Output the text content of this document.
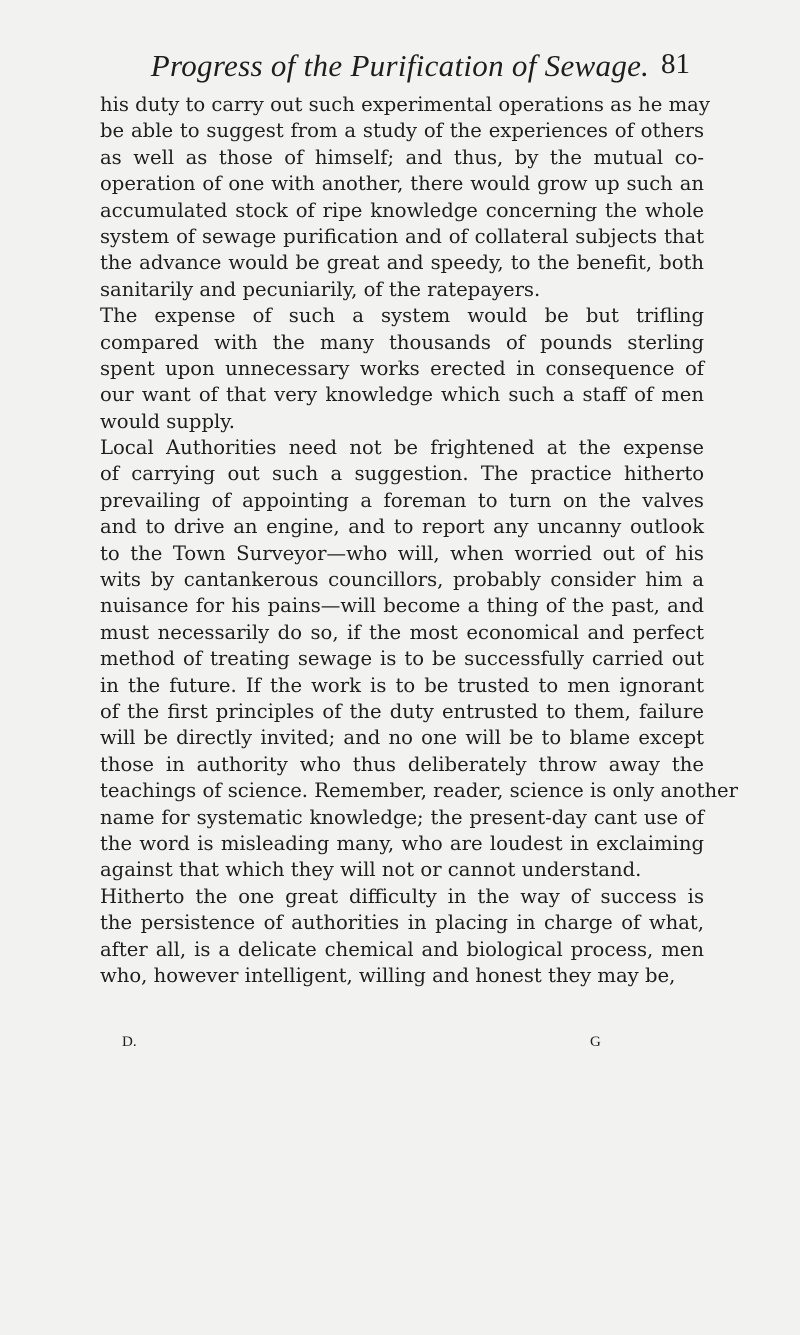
Progress of the Purification of Sewage. 81
his duty to carry out such experimental operations as he may
be able to suggest from a study of the experiences of others
as well as those of himself; and thus, by the mutual co-
operation of one with another, there would grow up such an
accumulated stock of ripe knowledge concerning the whole
system of sewage purification and of collateral subjects that
the advance would be great and speedy, to the benefit, both
sanitarily and pecuniarily, of the ratepayers.
The expense of such a system would be but trifling
compared with the many thousands of pounds sterling
spent upon unnecessary works erected in consequence of
our want of that very knowledge which such a staff of men
would supply.
Local Authorities need not be frightened at the expense
of carrying out such a suggestion. The practice hitherto
prevailing of appointing a foreman to turn on the valves
and to drive an engine, and to report any uncanny outlook
to the Town Surveyor—who will, when worried out of his
wits by cantankerous councillors, probably consider him a
nuisance for his pains—will become a thing of the past, and
must necessarily do so, if the most economical and perfect
method of treating sewage is to be successfully carried out
in the future. If the work is to be trusted to men ignorant
of the first principles of the duty entrusted to them, failure
will be directly invited; and no one will be to blame except
those in authority who thus deliberately throw away the
teachings of science. Remember, reader, science is only another
name for systematic knowledge; the present-day cant use of
the word is misleading many, who are loudest in exclaiming
against that which they will not or cannot understand.
Hitherto the one great difficulty in the way of success is
the persistence of authorities in placing in charge of what,
after all, is a delicate chemical and biological process, men
who, however intelligent, willing and honest they may be,
D.	G
